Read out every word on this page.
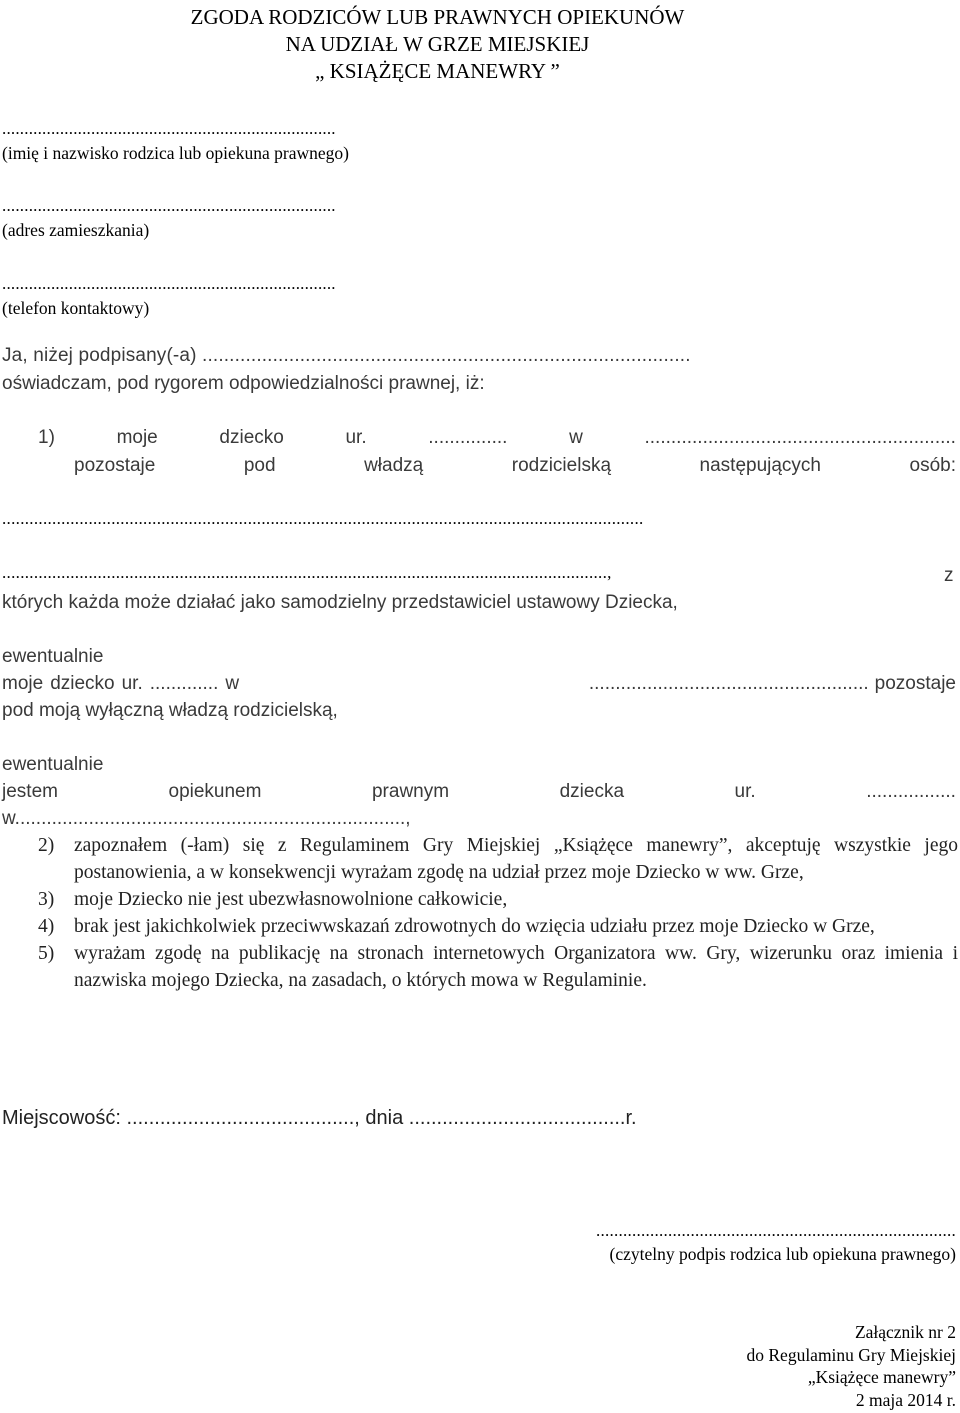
ZGODA RODZICÓW LUB PRAWNYCH OPIEKUNÓW
NA UDZIAŁ W GRZE MIEJSKIEJ
„ KSIĄŻĘCE MANEWRY ”
...........................................................................
(imię i nazwisko rodzica lub opiekuna prawnego)
...........................................................................
(adres zamieszkania)
...........................................................................
(telefon kontaktowy)
Ja, niżej podpisany(-a) ..........................................................................................
oświadczam, pod rygorem odpowiedzialności prawnej, iż:
1)	moje	dziecko	ur.	...............	w	...........................................................
pozostaje	pod	władzą	rodzicielską	następujących	osób:
.............................................................................................................................................
.....................................................................................................................................,	z
których każda może działać jako samodzielny przedstawiciel ustawowy Dziecka,
ewentualnie
moje dziecko ur. ... .......... w	..................................................... pozostaje
pod moją wyłączną władzą rodzicielską,
ewentualnie
jestem	opiekunem	prawnym	dziecka	ur.	.................
w..........................................................................,
2)	zapoznałem (-łam) się z Regulaminem Gry Miejskiej „Książęce manewry”, akceptuję wszystkie jego postanowienia, a w konsekwencji wyrażam zgodę na udział przez moje Dziecko w ww. Grze,
3)	moje Dziecko nie jest ubezwłasnowolnione całkowicie,
4)	brak jest jakichkolwiek przeciwwskazań zdrowotnych do wzięcia udziału przez moje Dziecko w Grze,
5)	wyrażam zgodę na publikację na stronach internetowych Organizatora ww. Gry, wizerunku oraz imienia i nazwiska mojego Dziecka, na zasadach, o których mowa w Regulaminie.
Miejscowość: ........................................., dnia .......................................r.
................................................................................
(czytelny podpis rodzica lub opiekuna prawnego)
Załącznik nr 2
do Regulaminu Gry Miejskiej
„Książęce manewry”
2 maja 2014 r.
